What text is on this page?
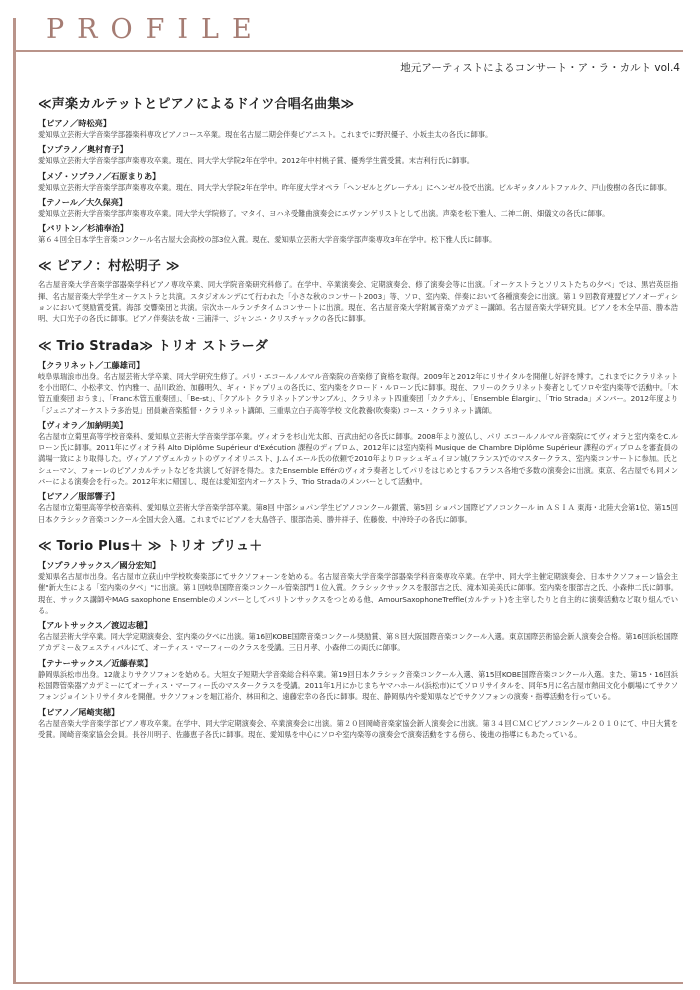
PROFILE

地元アーティストによるコンサート・ア・ラ・カルト vol.4

≪声楽カルテットとピアノによるドイツ合唱名曲集≫

【ピアノ／時松亮】

愛知県立芸術大学音楽学部器楽科専攻ピアノコース卒業。現在名古屋二期会伴奏ピアニスト。これまでに野沢優子、小坂圭太の各氏に師事。

【ソプラノ／奥村育子】

愛知県立芸術大学音楽学部声楽専攻卒業。現在、同大学大学院2年在学中。2012年中村桃子賞、優秀学生賞受賞。末吉利行氏に師事。

【メゾ・ソプラノ／石原まりあ】

愛知県立芸術大学音楽学部声楽専攻卒業。現在、同大学大学院2年在学中。昨年度大学オペラ「ヘンゼルとグレーテル」にヘンゼル役で出演。ビルギッタノルトファルク、戸山俊樹の各氏に師事。

【テノール／大久保亮】

愛知県立芸術大学音楽学部声楽専攻卒業。同大学大学院修了。マタイ、ヨハネ受難曲演奏会にエヴァンゲリストとして出演。声楽を松下雅人、二神二朗、畑儀文の各氏に師事。

【バリトン／杉浦奉治】

第６４回全日本学生音楽コンクール名古屋大会高校の部3位入賞。現在、愛知県立芸術大学音楽学部声楽専攻3年在学中。松下雅人氏に師事。

≪ ピアノ：村松明子 ≫

名古屋音楽大学音楽学部器楽学科ピアノ専攻卒業、同大学院音楽研究科修了。在学中、卒業演奏会、定期演奏会、修了演奏会等に出演。「オーケストラとソリストたちの夕べ」では、黒岩英臣指揮、名古屋音楽大学学生オーケストラと共演。スタジオルンデにて行われた「小さな秋のコンサート2003」等、ソロ、室内楽、伴奏において各種演奏会に出演。第１９回教育連盟ピアノオーディションにおいて奨励賞受賞。海部 交響楽団と共演。宗次ホールランチタイムコンサートに出演。現在、名古屋音楽大学附属音楽アカデミー講師。名古屋音楽大学研究員。ピアノを木全早苗、勝本浩明、大口光子の各氏に師事。ピアノ伴奏法を故・三浦洋一、ジャンニ・クリスチャックの各氏に師事。

≪ Trio Strada≫ トリオ ストラーダ

【クラリネット／工藤雄司】

岐阜県瑞浪市出身。名古屋芸術大学卒業、同大学研究生修了。パリ・エコールノルマル音楽院の音楽修了資格を取得。2009年と2012年にリサイタルを開催し好評を博す。これまでにクラリネットを小出昭仁、小松孝文、竹内雅一、品川政治、加藤明久、ギィ・ドゥプリュの各氏に、室内楽をクロード・ルローン氏に師事。現在、フリーのクラリネット奏者としてソロや室内楽等で活動中。「木管五重奏団 おうま」、「Franc木管五重奏団」、「Be-st」、「クアルト クラリネットアンサンブル」、クラリネット四重奏団「カクテル」、「Ensemble Élargir」、「Trio Strada」メンバー。2012年度より「ジュニアオーケストラ多治見」団員兼音楽監督・クラリネット講師、三重県立白子高等学校 文化教養(吹奏楽) コース・クラリネット講師。

【ヴィオラ／加納明美】

名古屋市立菊里高等学校音楽科、愛知県立芸術大学音楽学部卒業。ヴィオラを杉山光太郎、百武由紀の各氏に師事。2008年より渡仏し、パリ エコールノルマル音楽院にてヴィオラと室内楽をC.ルローン氏に師事。2011年にヴィオラ科 Alto Diplôme Supérieur d'Exécution 課程のディプロム、2012年には室内楽科 Musique de Chambre Diplôme Supérieur 課程のディプロムを審査員の満場一致により取得した。ヴィアノアヴェルカットのヴァイオリニスト、J.ムイエール氏の依頼で2010年よりロッシュギュイヨン城(フランス)でのマスタークラス、室内楽コンサートに参加。氏とシューマン、フォーレのピアノカルテットなどを共演して好評を得た。またEnsemble Efférのヴィオラ奏者としてパリをはじめとするフランス各地で多数の演奏会に出演。東京、名古屋でも同メンバーによる演奏会を行った。2012年末に帰国し、現在は愛知室内オーケストラ、Trio Stradaのメンバーとして活動中。

【ピアノ／服部響子】

名古屋市立菊里高等学校音楽科、愛知県立芸術大学音楽学部卒業。第8回 中部ショパン学生ピアノコンクール銀賞、第5回 ショパン国際ピアノコンクール in ＡＳＩＡ 東海・北陸大会第1位、第15回 日本クラシック音楽コンクール全国大会入選。これまでにピアノを大島啓子、服部浩美、勝井祥子、佐藤俊、中沖玲子の各氏に師事。

≪ Torio Plus＋ ≫ トリオ プリュ＋

【ソプラノサックス／國分宏知】

愛知県名古屋市出身。名古屋市立荻山中学校吹奏楽部にてサクソフォーンを始める。名古屋音楽大学音楽学部器楽学科音楽専攻卒業。在学中、同大学主催定期演奏会、日本サクソフォーン協会主催"新大生による「室内楽の夕べ」"に出演。第１回岐阜国際音楽コンクール管楽部門１位入賞。クラシックサックスを服部吉之氏、滝本知美美氏に師事。室内楽を服部吉之氏、小森伸二氏に師事。現在、サックス講師やMAG saxophone Ensembleのメンバーとしてバリトンサックスをつとめる他、AmourSaxophoneTreffle(カルテット)を主宰したりと自主的に演奏活動など取り組んでいる。

【アルトサックス／渡辺志穂】

名古屋芸術大学卒業。同大学定期演奏会、室内楽の夕べに出演。第16回KOBE国際音楽コンクール奨励賞、第８回大阪国際音楽コンクール入選。東京国際芸術協会新人演奏会合格。第16回浜松国際アカデミー＆フェスティバルにて、オーティス・マーフィーのクラスを受講。三日月孝、小森伸二の両氏に師事。

【テナーサックス／近藤春菜】

静岡県浜松市出身。12歳よりサクソフォンを始める。大垣女子短期大学音楽総合科卒業。第19回日本クラシック音楽コンクール入選、第15回KOBE国際音楽コンクール入選。また、第15・16回浜松国際管楽器アカデミーにてオーティス・マーフィー氏のマスタークラスを受講。2011年1月にかじまちヤマハホール(浜松市)にてソロリサイタルを、同年5月に名古屋市熱田文化小劇場にてサクソフォンジョイントリサイタルを開催。サクソフォンを堀江裕介、林田和之、遠藤宏幸の各氏に師事。現在、静岡県内や愛知県などでサクソフォンの演奏・指導活動を行っている。

【ピアノ／尾崎実穂】

名古屋音楽大学音楽学部ピアノ専攻卒業。在学中、同大学定期演奏会、卒業演奏会に出演。第２０回岡崎音楽家協会新人演奏会に出演。第３４回ＣＭＣピアノコンクール２０１０にて、中日大賞を受賞。岡崎音楽家協会会員。長谷川明子、佐藤恵子各氏に師事。現在、愛知県を中心にソロや室内楽等の演奏会で演奏活動をする傍ら、後進の指導にもあたっている。
